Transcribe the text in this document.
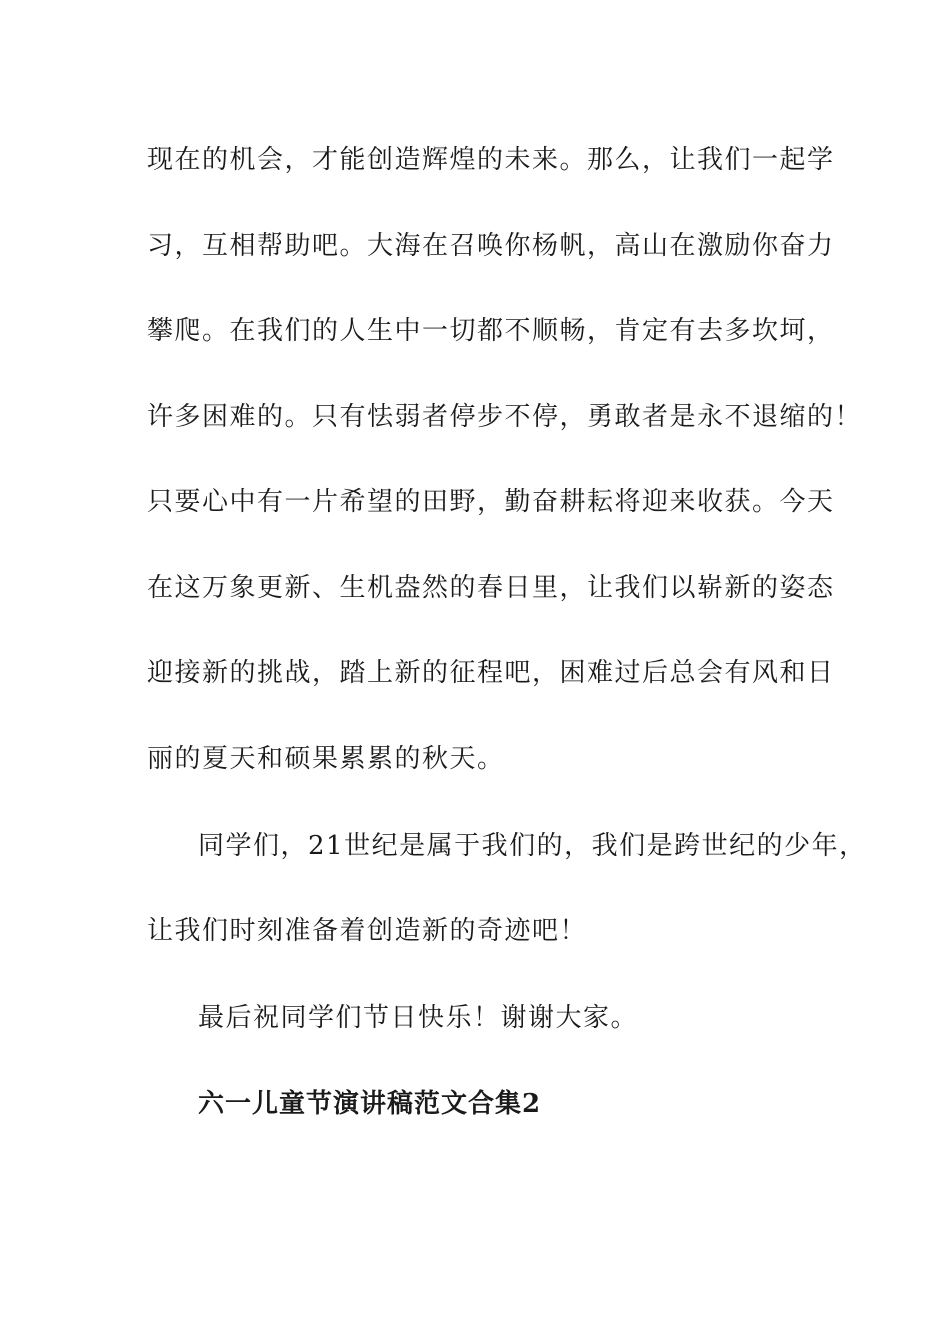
现在的机会，才能创造辉煌的未来。那么，让我们一起学
习，互相帮助吧。大海在召唤你杨帆，高山在激励你奋力
攀爬。在我们的人生中一切都不顺畅，肯定有去多坎坷，
许多困难的。只有怯弱者停步不停，勇敢者是永不退缩的！
只要心中有一片希望的田野，勤奋耕耘将迎来收获。今天
在这万象更新、生机盎然的春日里，让我们以崭新的姿态
迎接新的挑战，踏上新的征程吧，困难过后总会有风和日
丽的夏天和硕果累累的秋天。
同学们，21世纪是属于我们的，我们是跨世纪的少年，
让我们时刻准备着创造新的奇迹吧！
最后祝同学们节日快乐！谢谢大家。
六一儿童节演讲稿范文合集2
